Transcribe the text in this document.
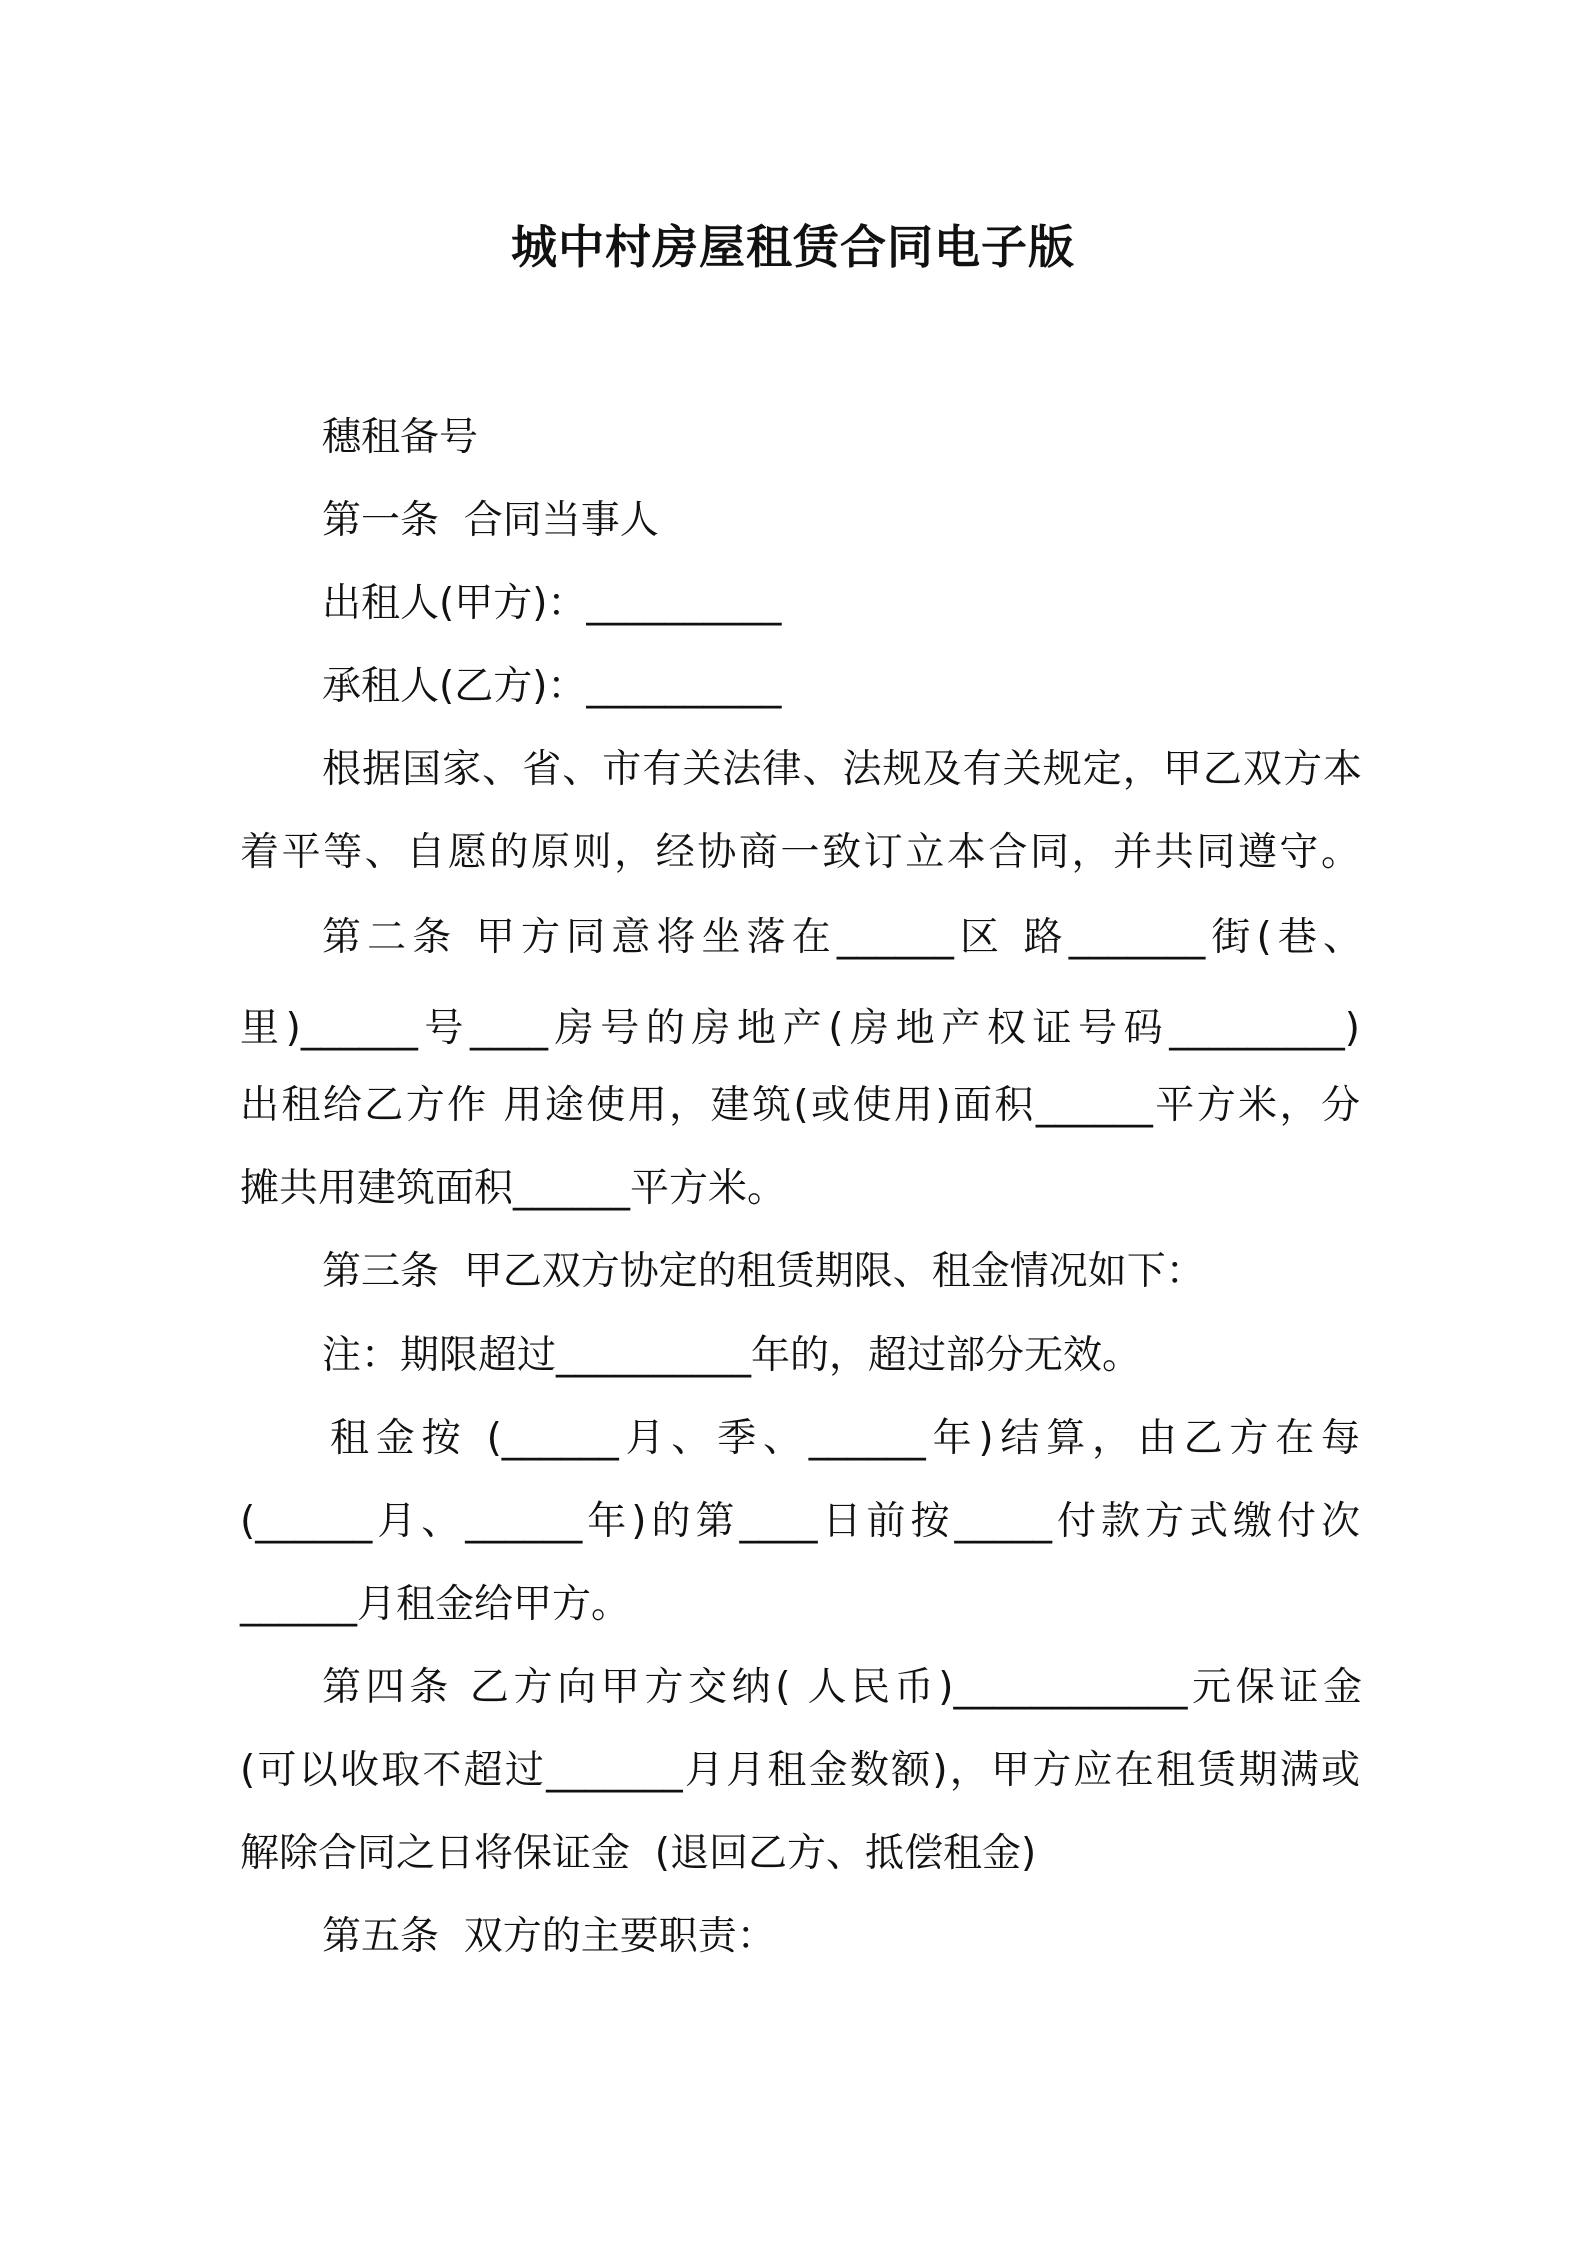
城中村房屋租赁合同电子版
穗租备号
第一条  合同当事人
出租人(甲方)：__________
承租人(乙方)：__________
根据国家、省、市有关法律、法规及有关规定，甲乙双方本
着平等、自愿的原则，经协商一致订立本合同，并共同遵守。
第二条 甲方同意将坐落在______区 路_______街(巷、
里)______号____房号的房地产(房地产权证号码_________)
出租给乙方作 用途使用，建筑(或使用)面积______平方米，分
摊共用建筑面积______平方米。
第三条  甲乙双方协定的租赁期限、租金情况如下：
注：期限超过__________年的，超过部分无效。
租金按 (______月、季、______年)结算，由乙方在每
(______月、______年)的第____日前按_____付款方式缴付次
______月租金给甲方。
第四条 乙方向甲方交纳( 人民币)____________元保证金
(可以收取不超过_______月月租金数额)，甲方应在租赁期满或
解除合同之日将保证金  (退回乙方、抵偿租金)
第五条  双方的主要职责：
